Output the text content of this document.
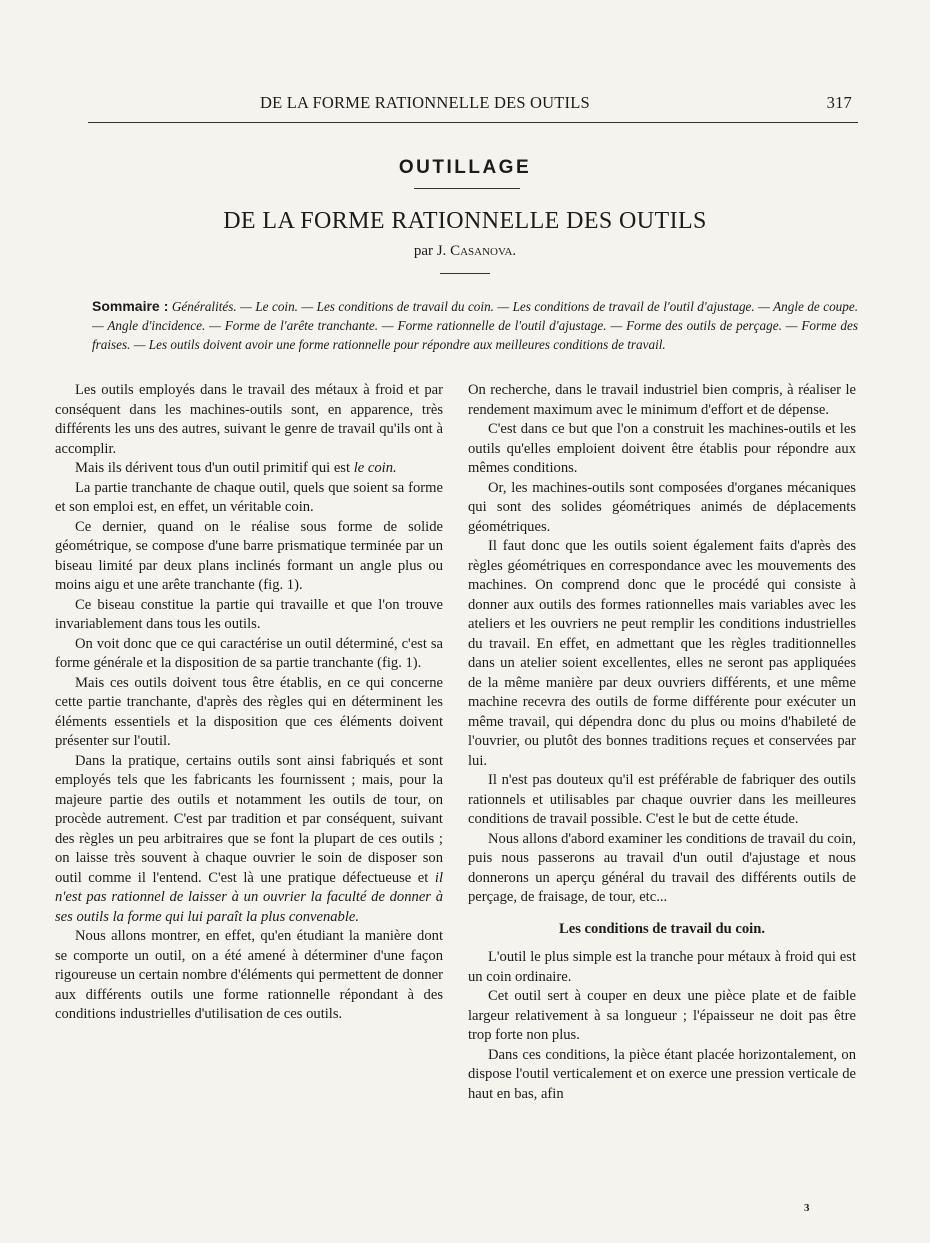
DE LA FORME RATIONNELLE DES OUTILS	317
OUTILLAGE
DE LA FORME RATIONNELLE DES OUTILS
par J. Casanova.
Sommaire : Généralités. — Le coin. — Les conditions de travail du coin. — Les conditions de travail de l'outil d'ajustage. — Angle de coupe. — Angle d'incidence. — Forme de l'arête tranchante. — Forme rationnelle de l'outil d'ajustage. — Forme des outils de perçage. — Forme des fraises. — Les outils doivent avoir une forme rationnelle pour répondre aux meilleures conditions de travail.

Les outils employés dans le travail des métaux à froid et par conséquent dans les machines-outils sont, en apparence, très différents les uns des autres, suivant le genre de travail qu'ils ont à accomplir.

Mais ils dérivent tous d'un outil primitif qui est le coin.

La partie tranchante de chaque outil, quels que soient sa forme et son emploi est, en effet, un véritable coin.

Ce dernier, quand on le réalise sous forme de solide géométrique, se compose d'une barre prismatique terminée par un biseau limité par deux plans inclinés formant un angle plus ou moins aigu et une arête tranchante (fig. 1).

Ce biseau constitue la partie qui travaille et que l'on trouve invariablement dans tous les outils.

On voit donc que ce qui caractérise un outil déterminé, c'est sa forme générale et la disposition de sa partie tranchante (fig. 1).

Mais ces outils doivent tous être établis, en ce qui concerne cette partie tranchante, d'après des règles qui en déterminent les éléments essentiels et la disposition que ces éléments doivent présenter sur l'outil.

Dans la pratique, certains outils sont ainsi fabriqués et sont employés tels que les fabricants les fournissent ; mais, pour la majeure partie des outils et notamment les outils de tour, on procède autrement. C'est par tradition et par conséquent, suivant des règles un peu arbitraires que se font la plupart de ces outils ; on laisse très souvent à chaque ouvrier le soin de disposer son outil comme il l'entend. C'est là une pratique défectueuse et il n'est pas rationnel de laisser à un ouvrier la faculté de donner à ses outils la forme qui lui paraît la plus convenable.

Nous allons montrer, en effet, qu'en étudiant la manière dont se comporte un outil, on a été amené à déterminer d'une façon rigoureuse un certain nombre d'éléments qui permettent de donner aux différents outils une forme rationnelle répondant à des conditions industrielles d'utilisation de ces outils.

On recherche, dans le travail industriel bien compris, à réaliser le rendement maximum avec le minimum d'effort et de dépense.

C'est dans ce but que l'on a construit les machines-outils et les outils qu'elles emploient doivent être établis pour répondre aux mêmes conditions.

Or, les machines-outils sont composées d'organes mécaniques qui sont des solides géométriques animés de déplacements géométriques.

Il faut donc que les outils soient également faits d'après des règles géométriques en correspondance avec les mouvements des machines. On comprend donc que le procédé qui consiste à donner aux outils des formes rationnelles mais variables avec les ateliers et les ouvriers ne peut remplir les conditions industrielles du travail. En effet, en admettant que les règles traditionnelles dans un atelier soient excellentes, elles ne seront pas appliquées de la même manière par deux ouvriers différents, et une même machine recevra des outils de forme différente pour exécuter un même travail, qui dépendra donc du plus ou moins d'habileté de l'ouvrier, ou plutôt des bonnes traditions reçues et conservées par lui.

Il n'est pas douteux qu'il est préférable de fabriquer des outils rationnels et utilisables par chaque ouvrier dans les meilleures conditions de travail possible. C'est le but de cette étude.

Nous allons d'abord examiner les conditions de travail du coin, puis nous passerons au travail d'un outil d'ajustage et nous donnerons un aperçu général du travail des différents outils de perçage, de fraisage, de tour, etc...

Les conditions de travail du coin.

L'outil le plus simple est la tranche pour métaux à froid qui est un coin ordinaire.

Cet outil sert à couper en deux une pièce plate et de faible largeur relativement à sa longueur ; l'épaisseur ne doit pas être trop forte non plus.

Dans ces conditions, la pièce étant placée horizontalement, on dispose l'outil verticalement et on exerce une pression verticale de haut en bas, afin

3
